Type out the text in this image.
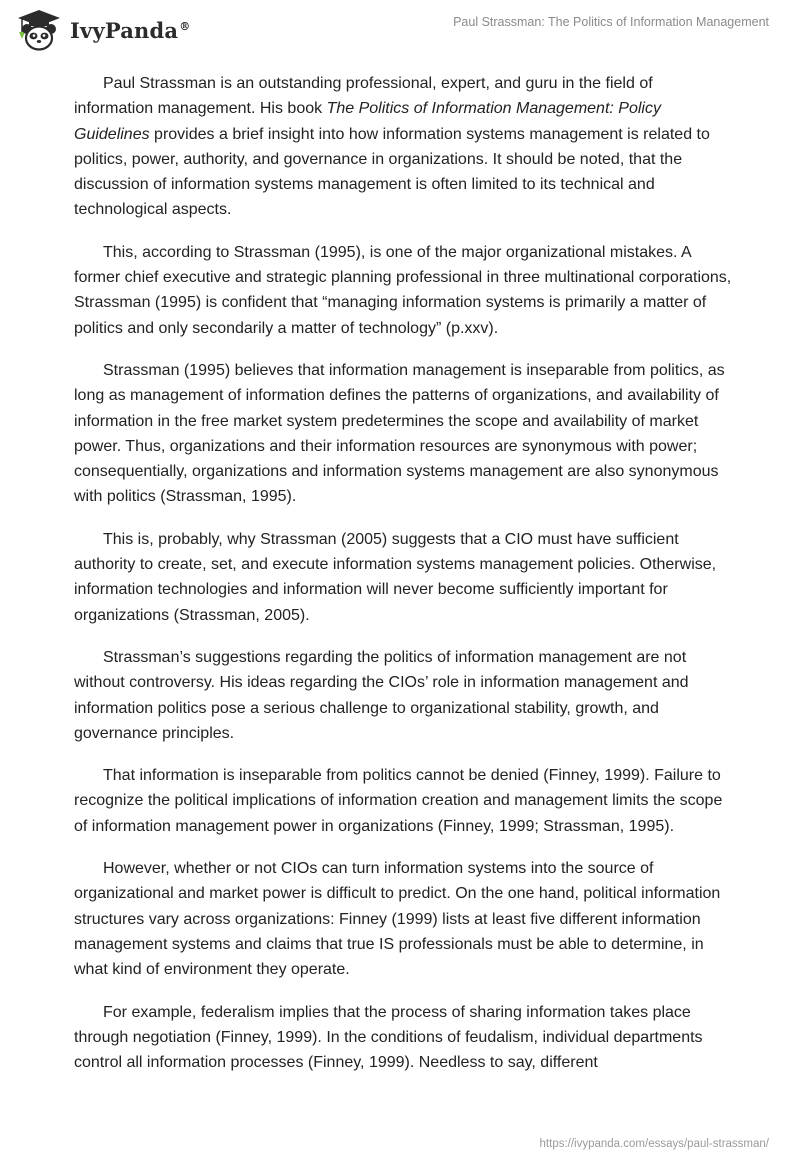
IvyPanda®	Paul Strassman: The Politics of Information Management

Paul Strassman is an outstanding professional, expert, and guru in the field of information management. His book The Politics of Information Management: Policy Guidelines provides a brief insight into how information systems management is related to politics, power, authority, and governance in organizations. It should be noted, that the discussion of information systems management is often limited to its technical and technological aspects.

This, according to Strassman (1995), is one of the major organizational mistakes. A former chief executive and strategic planning professional in three multinational corporations, Strassman (1995) is confident that “managing information systems is primarily a matter of politics and only secondarily a matter of technology” (p.xxv).

Strassman (1995) believes that information management is inseparable from politics, as long as management of information defines the patterns of organizations, and availability of information in the free market system predetermines the scope and availability of market power. Thus, organizations and their information resources are synonymous with power; consequentially, organizations and information systems management are also synonymous with politics (Strassman, 1995).

This is, probably, why Strassman (2005) suggests that a CIO must have sufficient authority to create, set, and execute information systems management policies. Otherwise, information technologies and information will never become sufficiently important for organizations (Strassman, 2005).

Strassman’s suggestions regarding the politics of information management are not without controversy. His ideas regarding the CIOs’ role in information management and information politics pose a serious challenge to organizational stability, growth, and governance principles.

That information is inseparable from politics cannot be denied (Finney, 1999). Failure to recognize the political implications of information creation and management limits the scope of information management power in organizations (Finney, 1999; Strassman, 1995).

However, whether or not CIOs can turn information systems into the source of organizational and market power is difficult to predict. On the one hand, political information structures vary across organizations: Finney (1999) lists at least five different information management systems and claims that true IS professionals must be able to determine, in what kind of environment they operate.

For example, federalism implies that the process of sharing information takes place through negotiation (Finney, 1999). In the conditions of feudalism, individual departments control all information processes (Finney, 1999). Needless to say, different

https://ivypanda.com/essays/paul-strassman/
